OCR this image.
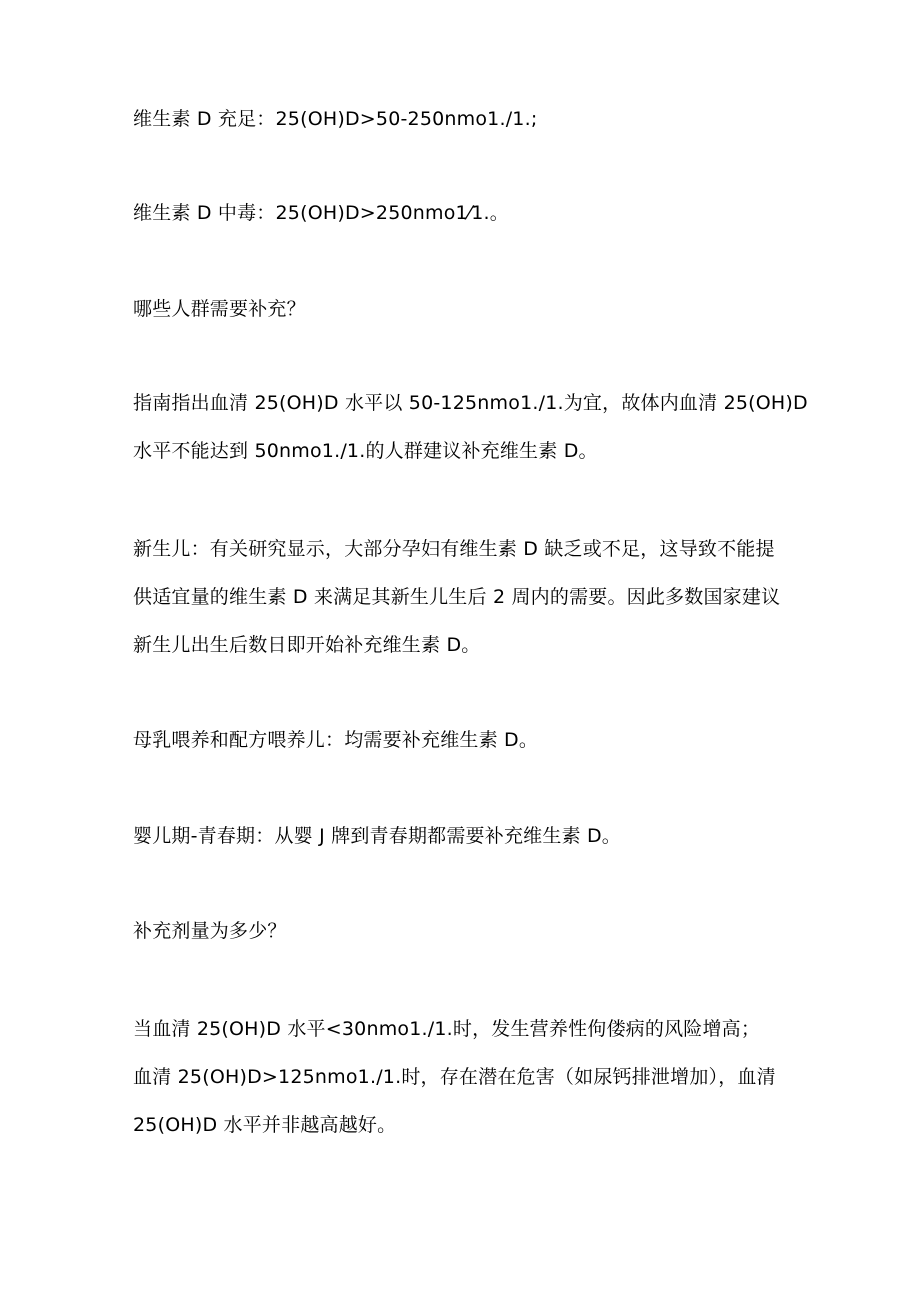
维生素 D 充足：25(OH)D>50-250nmo1./1.;
维生素 D 中毒：25(OH)D>250nmo1⁄1.。
哪些人群需要补充？
指南指出血清 25(OH)D 水平以 50-125nmo1./1.为宜，故体内血清 25(OH)D
水平不能达到 50nmo1./1.的人群建议补充维生素 D。
新生儿：有关研究显示，大部分孕妇有维生素 D 缺乏或不足，这导致不能提
供适宜量的维生素 D 来满足其新生儿生后 2 周内的需要。因此多数国家建议
新生儿出生后数日即开始补充维生素 D。
母乳喂养和配方喂养儿：均需要补充维生素 D。
婴儿期-青春期：从婴 J 牌到青春期都需要补充维生素 D。
补充剂量为多少？
当血清 25(OH)D 水平<30nmo1./1.时，发生营养性佝偻病的风险增高；
血清 25(OH)D>125nmo1./1.时，存在潜在危害（如尿钙排泄增加），血清
25(OH)D 水平并非越高越好。
